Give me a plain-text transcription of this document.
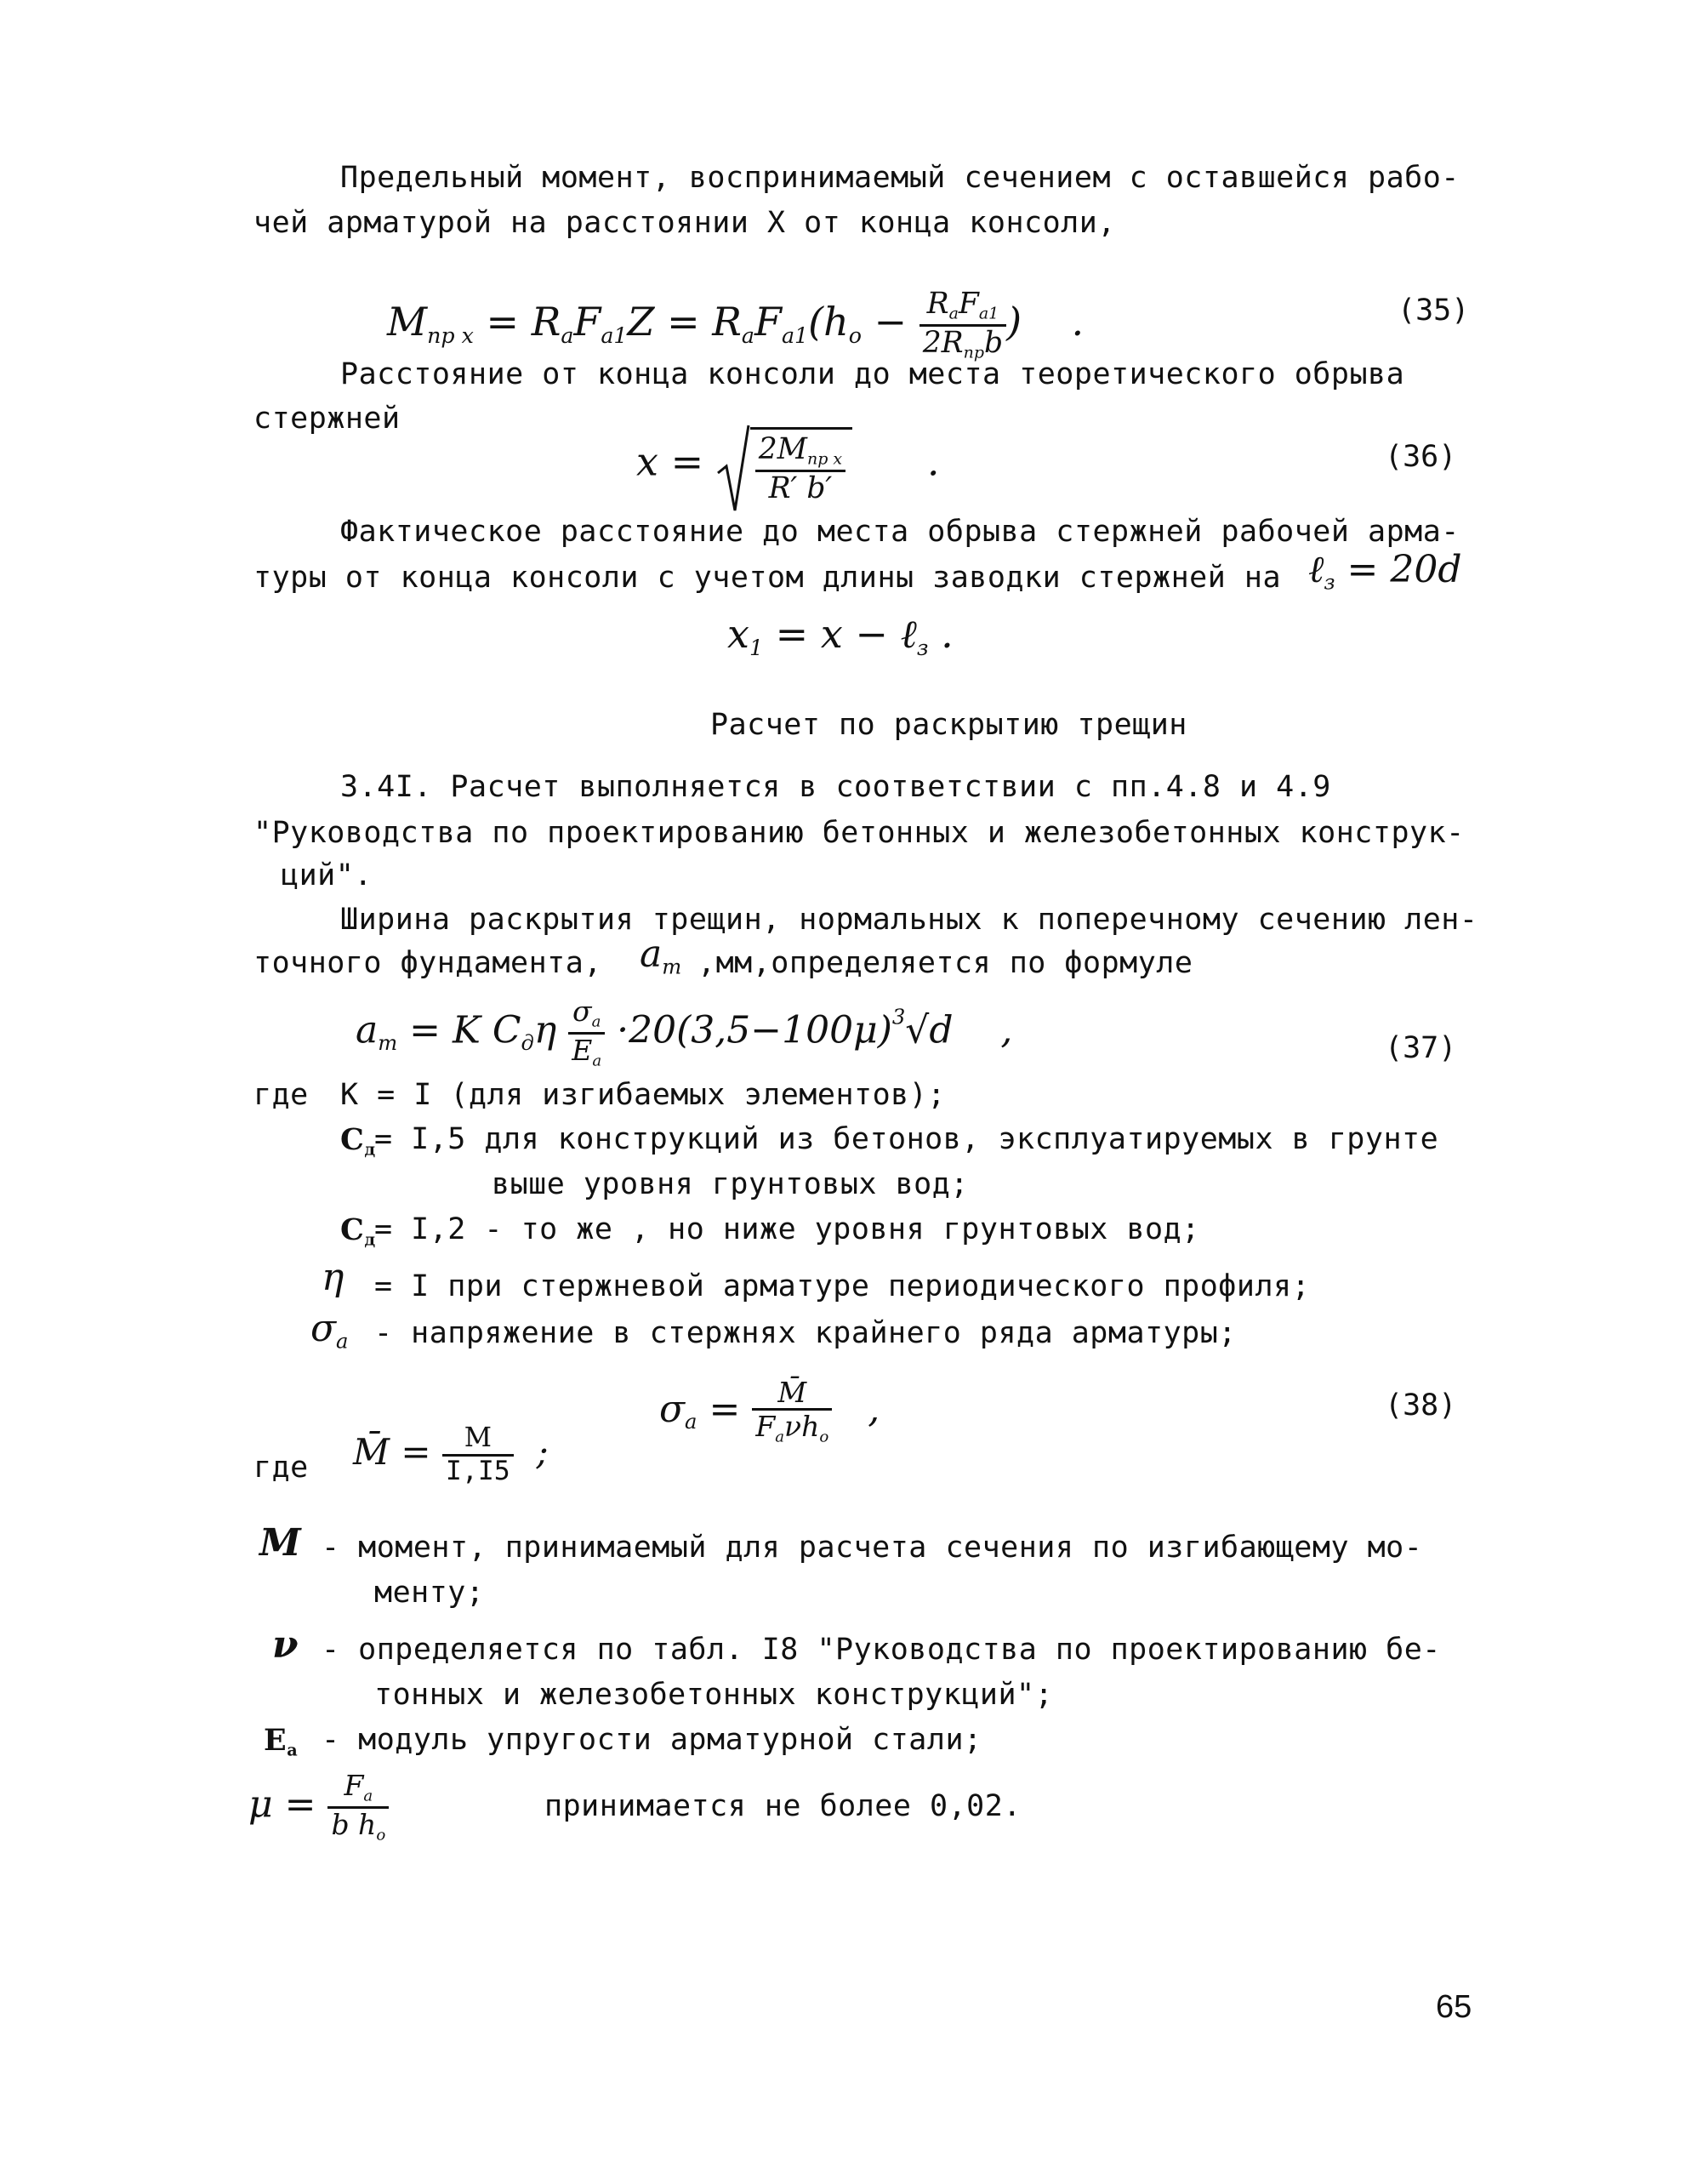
Предельный момент, воспринимаемый сечением с оставшейся рабо-
чей арматурой на расстоянии X от конца консоли,
$M_{пр x} = R_aF_{a1}Z = R_aF_{a1}(h_o - \frac{R_aF_{a1}}{2R_{пр}b}$ )    .	(35)
Расстояние от конца консоли до места теоретического обрыва
стержней
$x = \frac{2M_{пр x}}{R' b'}$ .	(36)
Фактическое расстояние до места обрыва стержней рабочей арма-
туры от конца консоли с учетом длины заводки стержней на ℓ$_з$ = 20d
$x_1 = x$ − ℓ$_з$ .
Расчет по раскрытию трещин
3.4I. Расчет выполняется в соответствии с пп.4.8 и 4.9
"Руководства по проектированию бетонных и железобетонных конструк-
ций".
Ширина раскрытия трещин, нормальных к поперечному сечению лен-
точного фундамента, $a_т$ ,мм,определяется по формуле
$a_т = K$ $C_д\eta \frac{\sigma_a}{E_a} \cdot 20(3,5-100\mu)^3√d$    ,	(37)
где K = I (для изгибаемых элементов);
$C_д$
= I,5 для конструкций из бетонов, эксплуатируемых в грунте
выше уровня грунтовых вод;
$C_д$
= I,2 - то же , но ниже уровня грунтовых вод;
η = I при стержневой арматуре периодического профиля;
$\sigma_a$ - напряжение в стержнях крайнего ряда арматуры;
$\sigma_a = \frac{M̄}{F_a\nu h_o}$ ,	(38)
где M̄ = $\frac{M}{I,I5}$ ;
M - момент, принимаемый для расчета сечения по изгибающему мо-
менту;
ν - определяется по табл. I8 "Руководства по проектированию бе-
тонных и железобетонных конструкций";
$E_a$ - модуль упругости арматурной стали;
$\mu = \frac{F_a}{b h_o}$	принимается не более 0,02.
65
